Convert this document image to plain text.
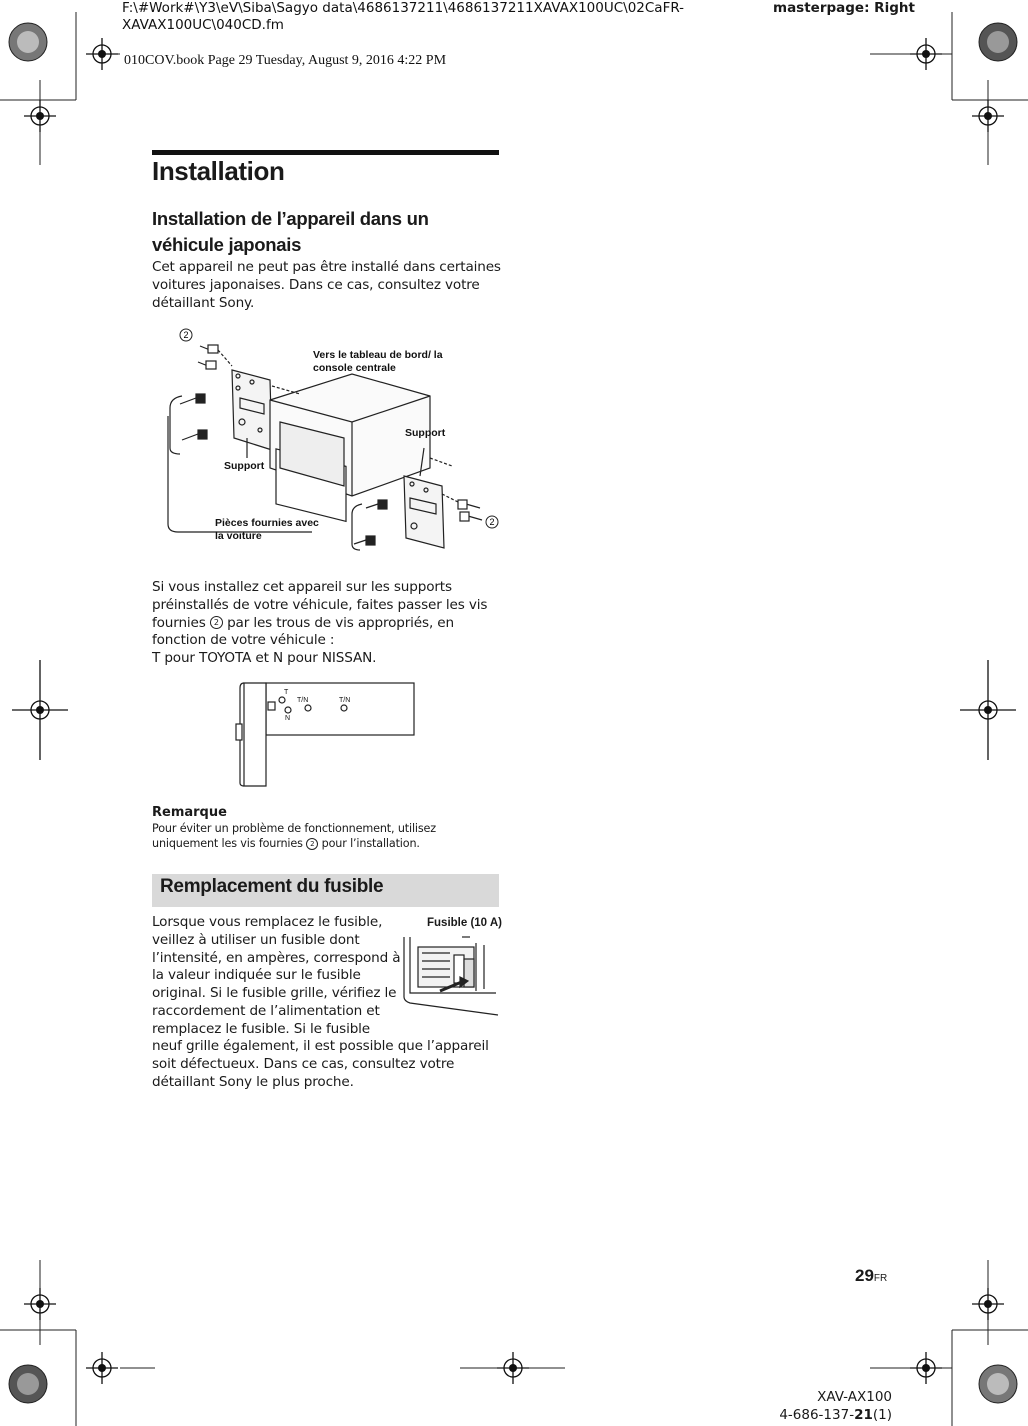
F:\#Work#\Y3\eV\Siba\Sagyo data\4686137211\4686137211XAVAX100UC\02CaFR-
XAVAX100UC\040CD.fm
masterpage: Right
010COV.book Page 29 Tuesday, August 9, 2016 4:22 PM
Installation
Installation de l’appareil dans un véhicule japonais
Cet appareil ne peut pas être installé dans certaines voitures japonaises. Dans ce cas, consultez votre détaillant Sony.
2
2
Vers le tableau de bord/ la console centrale
Support
Support
Pièces fournies avec la voiture
Si vous installez cet appareil sur les supports préinstallés de votre véhicule, faites passer les vis fournies 2 par les trous de vis appropriés, en fonction de votre véhicule :
T pour TOYOTA et N pour NISSAN.
T
N
T/N	T/N
Remarque
Pour éviter un problème de fonctionnement, utilisez uniquement les vis fournies 2 pour l’installation.
Remplacement du fusible
Fusible (10 A)
Lorsque vous remplacez le fusible, veillez à utiliser un fusible dont l’intensité, en ampères, correspond à la valeur indiquée sur le fusible original. Si le fusible grille, vérifiez le raccordement de l’alimentation et remplacez le fusible. Si le fusible
neuf grille également, il est possible que l’appareil soit défectueux. Dans ce cas, consultez votre détaillant Sony le plus proche.
29FR
XAV-AX100
4-686-137-21(1)
